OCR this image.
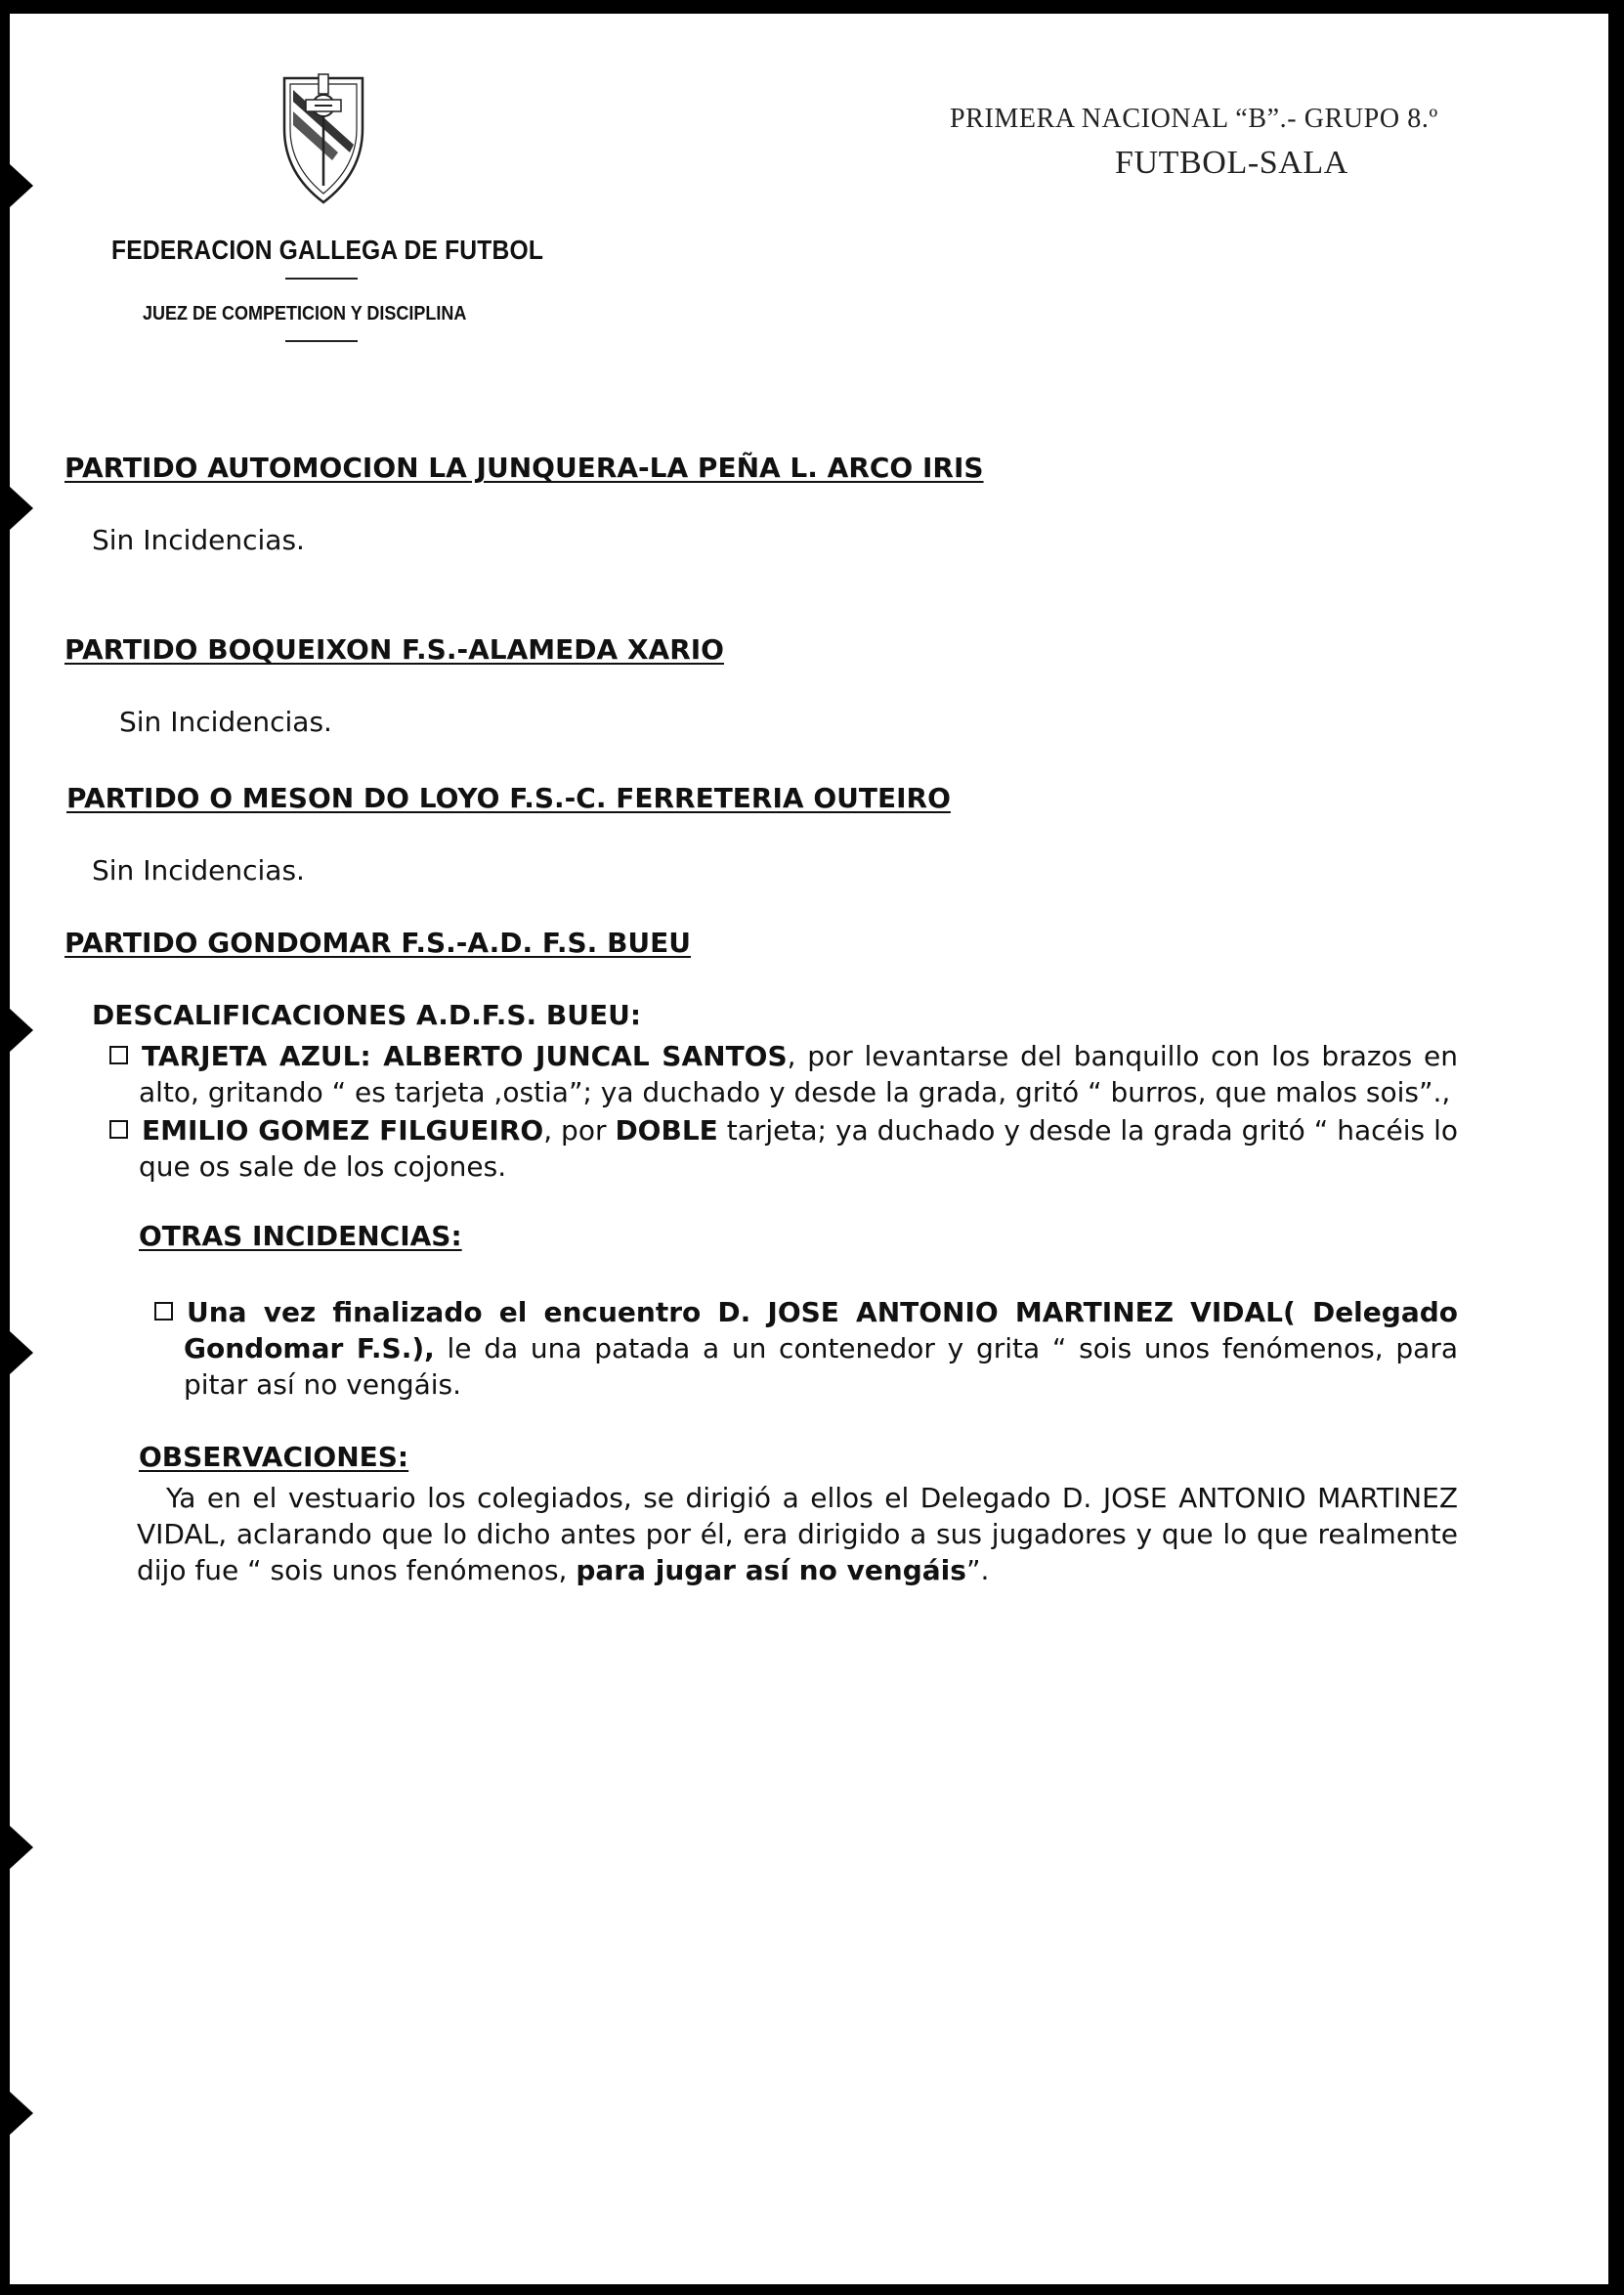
FEDERACION GALLEGA DE FUTBOL
JUEZ DE COMPETICION Y DISCIPLINA
PRIMERA NACIONAL “B”.- GRUPO 8.º
FUTBOL-SALA
PARTIDO AUTOMOCION LA JUNQUERA-LA PEÑA L. ARCO IRIS
Sin Incidencias.
PARTIDO BOQUEIXON F.S.-ALAMEDA XARIO
Sin Incidencias.
PARTIDO O MESON DO LOYO F.S.-C. FERRETERIA OUTEIRO
Sin Incidencias.
PARTIDO GONDOMAR F.S.-A.D. F.S. BUEU
DESCALIFICACIONES A.D.F.S. BUEU:
TARJETA AZUL: ALBERTO JUNCAL SANTOS, por levantarse del banquillo con los brazos en alto, gritando “ es tarjeta ,ostia”; ya duchado y desde la grada, gritó “ burros, que malos sois”.,
EMILIO GOMEZ FILGUEIRO, por DOBLE tarjeta; ya duchado y desde la grada gritó “ hacéis lo que os sale de los cojones.
OTRAS INCIDENCIAS:
Una vez finalizado el encuentro D. JOSE ANTONIO MARTINEZ VIDAL( Delegado Gondomar F.S.), le da una patada a un contenedor y grita “ sois unos fenómenos, para pitar así no vengáis.
OBSERVACIONES:
Ya en el vestuario los colegiados, se dirigió a ellos el Delegado D. JOSE ANTONIO MARTINEZ VIDAL, aclarando que lo dicho antes por él, era dirigido a sus jugadores y que lo que realmente dijo fue “ sois unos fenómenos, para jugar así no vengáis”.
